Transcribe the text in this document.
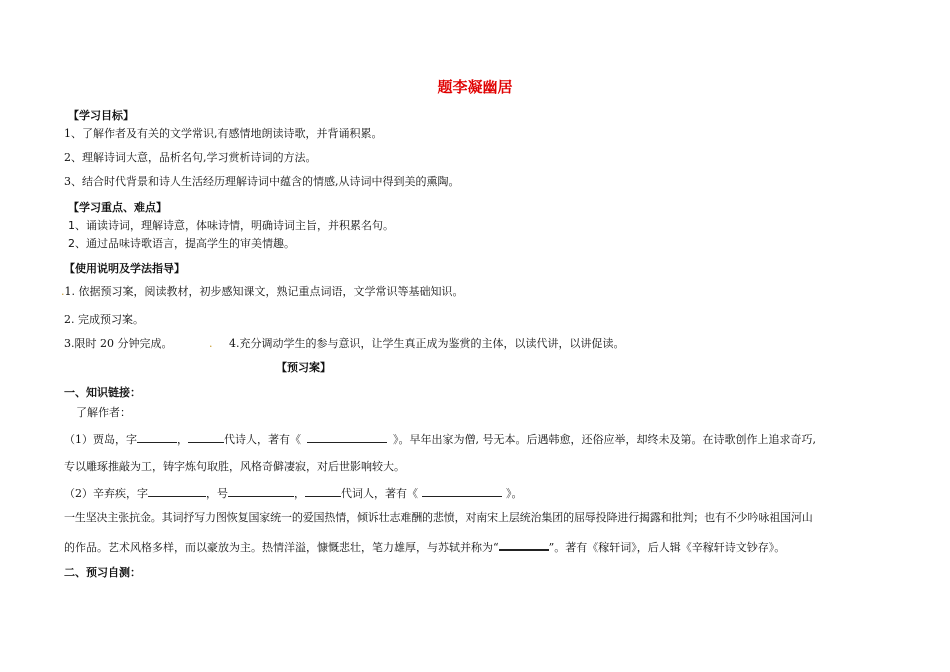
题李凝幽居
【学习目标】
1、了解作者及有关的文学常识,有感情地朗读诗歌，并背诵积累。
2、理解诗词大意，品析名句,学习赏析诗词的方法。
3、结合时代背景和诗人生活经历理解诗词中蕴含的情感,从诗词中得到美的熏陶。
【学习重点、难点】
1、诵读诗词，理解诗意，体味诗情，明确诗词主旨，并积累名句。
2、通过品味诗歌语言，提高学生的审美情趣。
【使用说明及学法指导】
.1. 依据预习案，阅读教材，初步感知课文，熟记重点词语，文学常识等基础知识。
2. 完成预习案。
3.限时 20 分钟完成。	. 4.充分调动学生的参与意识，让学生真正成为鉴赏的主体，以读代讲，以讲促读。
【预习案】
一、知识链接：
了解作者：
（1）贾岛，字	，	代诗人，著有《	》。早年出家为僧, 号无本。后遇韩愈，还俗应举，却终未及第。在诗歌创作上追求奇巧,
专以雕琢推敲为工，铸字炼句取胜，风格奇僻凄寂，对后世影响较大。
（2）辛弃疾，字	，号	，	代词人，著有《	》。
一生坚决主张抗金。其词抒写力图恢复国家统一的爱国热情，倾诉壮志难酬的悲愤，对南宋上层统治集团的屈辱投降进行揭露和批判；也有不少吟咏祖国河山
的作品。艺术风格多样，而以豪放为主。热情洋溢，慷慨悲壮，笔力雄厚，与苏轼并称为“	”。著有《稼轩词》，后人辑《辛稼轩诗文钞存》。
二、预习自测：
